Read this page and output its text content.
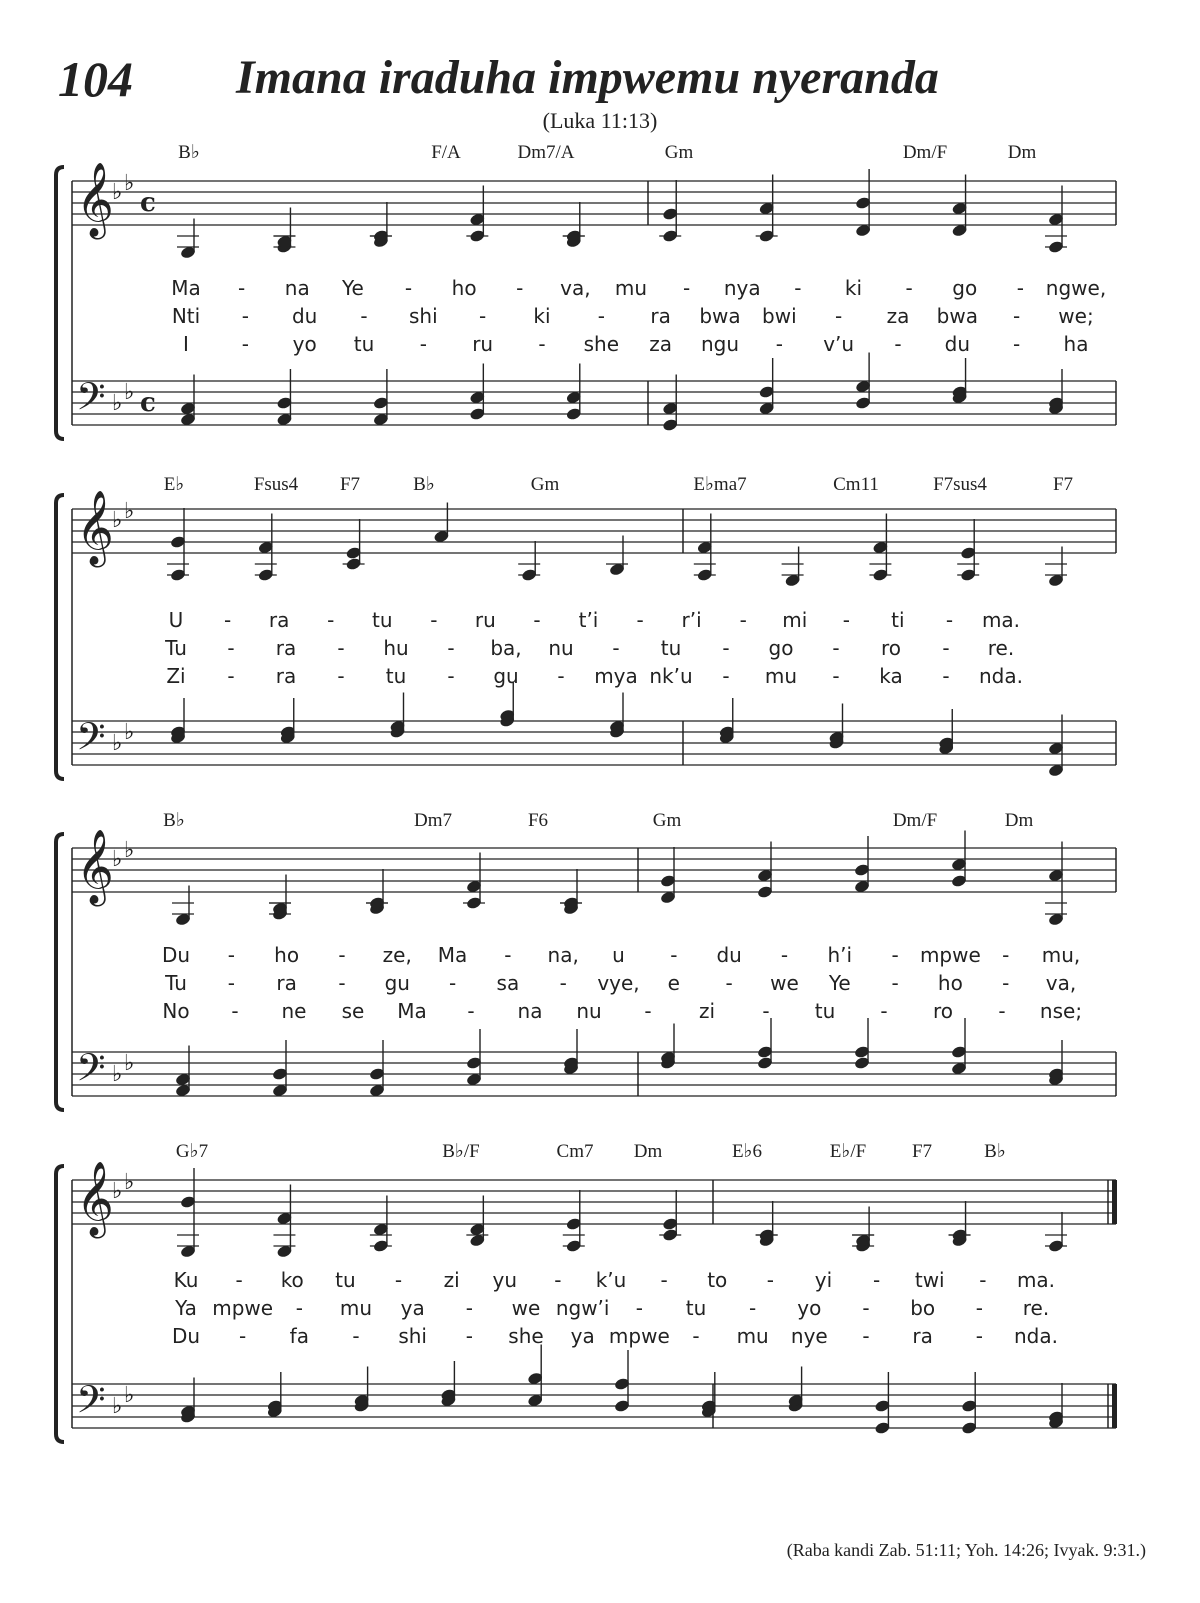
104 Imana iraduha impwemu nyeranda
(Luka 11:13)
𝄞
𝄢
♭ ♭
♭ ♭
c
c
B♭	F/A	Dm7/A	Gm	Dm/F	Dm
Ma - na Ye - ho - va, mu - nya - ki - go - ngwe,
Nti - du - shi - ki - ra bwa bwi - za bwa - we;
I	- yo tu - ru - she za ngu - v’u - du - ha
𝄞
𝄢
♭ ♭
♭ ♭
E♭	Fsus4 F7	B♭	Gm	E♭ma7	Cm11	F7sus4	F7
U - ra - tu - ru - t’i - r’i - mi - ti - ma.
Tu - ra - hu - ba, nu - tu - go - ro - re.
Zi - ra - tu - gu - mya nk’u - mu - ka - nda.
𝄞
𝄢
♭ ♭
♭ ♭
B♭	Dm7	F6	Gm	Dm/F	Dm
Du - ho - ze, Ma - na, u - du - h’i - mpwe - mu,
Tu - ra - gu - sa - vye, e - we Ye - ho - va,
No - ne se Ma - na nu - zi - tu - ro - nse;
𝄞
𝄢
♭ ♭
♭ ♭
G♭7	B♭/F	Cm7 Dm	E♭6	E♭/F F7	B♭
Ku - ko tu - zi yu - k’u - to - yi - twi - ma.
Ya mpwe - mu ya - we ngw’i - tu - yo - bo - re.
Du - fa - shi - she ya mpwe - mu nye - ra - nda.
(Raba kandi Zab. 51:11; Yoh. 14:26; Ivyak. 9:31.)
